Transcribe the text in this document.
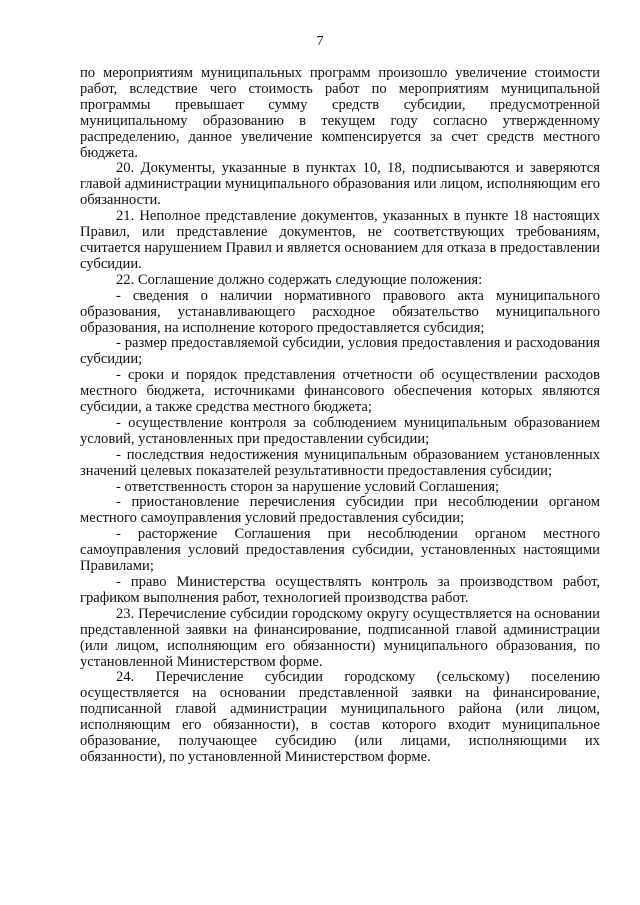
7

по мероприятиям муниципальных программ произошло увеличение стоимости работ, вследствие чего стоимость работ по мероприятиям муниципальной программы превышает сумму средств субсидии, предусмотренной муниципальному образованию в текущем году согласно утвержденному распределению, данное увеличение компенсируется за счет средств местного бюджета.

20. Документы, указанные в пунктах 10, 18, подписываются и заверяются главой администрации муниципального образования или лицом, исполняющим его обязанности.

21. Неполное представление документов, указанных в пункте 18 настоящих Правил, или представление документов, не соответствующих требованиям, считается нарушением Правил и является основанием для отказа в предоставлении субсидии.

22. Соглашение должно содержать следующие положения:

- сведения о наличии нормативного правового акта муниципального образования, устанавливающего расходное обязательство муниципального образования, на исполнение которого предоставляется субсидия;

- размер предоставляемой субсидии, условия предоставления и расходования субсидии;

- сроки и порядок представления отчетности об осуществлении расходов местного бюджета, источниками финансового обеспечения которых являются субсидии, а также средства местного бюджета;

- осуществление контроля за соблюдением муниципальным образованием условий, установленных при предоставлении субсидии;

- последствия недостижения муниципальным образованием установленных значений целевых показателей результативности предоставления субсидии;

- ответственность сторон за нарушение условий Соглашения;

- приостановление перечисления субсидии при несоблюдении органом местного самоуправления условий предоставления субсидии;

- расторжение Соглашения при несоблюдении органом местного самоуправления условий предоставления субсидии, установленных настоящими Правилами;

- право Министерства осуществлять контроль за производством работ, графиком выполнения работ, технологией производства работ.

23. Перечисление субсидии городскому округу осуществляется на основании представленной заявки на финансирование, подписанной главой администрации (или лицом, исполняющим его обязанности) муниципального образования, по установленной Министерством форме.

24. Перечисление субсидии городскому (сельскому) поселению осуществляется на основании представленной заявки на финансирование, подписанной главой администрации муниципального района (или лицом, исполняющим его обязанности), в состав которого входит муниципальное образование, получающее субсидию (или лицами, исполняющими их обязанности), по установленной Министерством форме.
